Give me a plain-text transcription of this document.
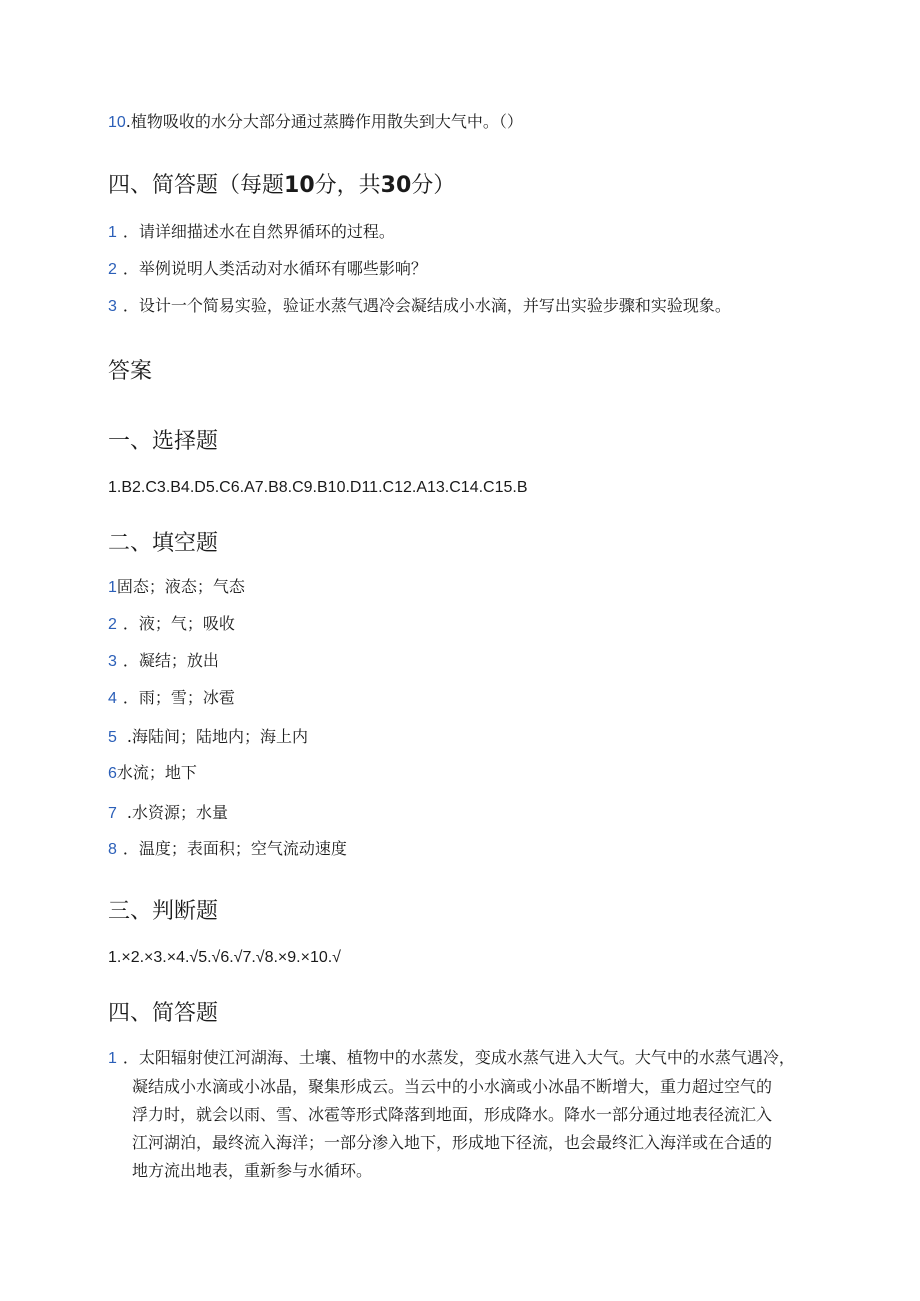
10.植物吸收的水分大部分通过蒸腾作用散失到大气中。（）
四、简答题（每题10分，共30分）
1 ．请详细描述水在自然界循环的过程。
2 ．举例说明人类活动对水循环有哪些影响？
3 ．设计一个简易实验，验证水蒸气遇冷会凝结成小水滴，并写出实验步骤和实验现象。
答案
一、选择题
1.B2.C3.B4.D5.C6.A7.B8.C9.B10.D11.C12.A13.C14.C15.B
二、填空题
1固态；液态；气态
2 ．液；气；吸收
3 ．凝结；放出
4 ．雨；雪；冰雹
5 .海陆间；陆地内；海上内
6水流；地下
7 .水资源；水量
8 ．温度；表面积；空气流动速度
三、判断题
1.×2.×3.×4.√5.√6.√7.√8.×9.×10.√
四、简答题
1 ．太阳辐射使江河湖海、土壤、植物中的水蒸发，变成水蒸气进入大气。大气中的水蒸气遇冷，
凝结成小水滴或小冰晶，聚集形成云。当云中的小水滴或小冰晶不断增大，重力超过空气的
浮力时，就会以雨、雪、冰雹等形式降落到地面，形成降水。降水一部分通过地表径流汇入
江河湖泊，最终流入海洋；一部分渗入地下，形成地下径流，也会最终汇入海洋或在合适的
地方流出地表，重新参与水循环。
